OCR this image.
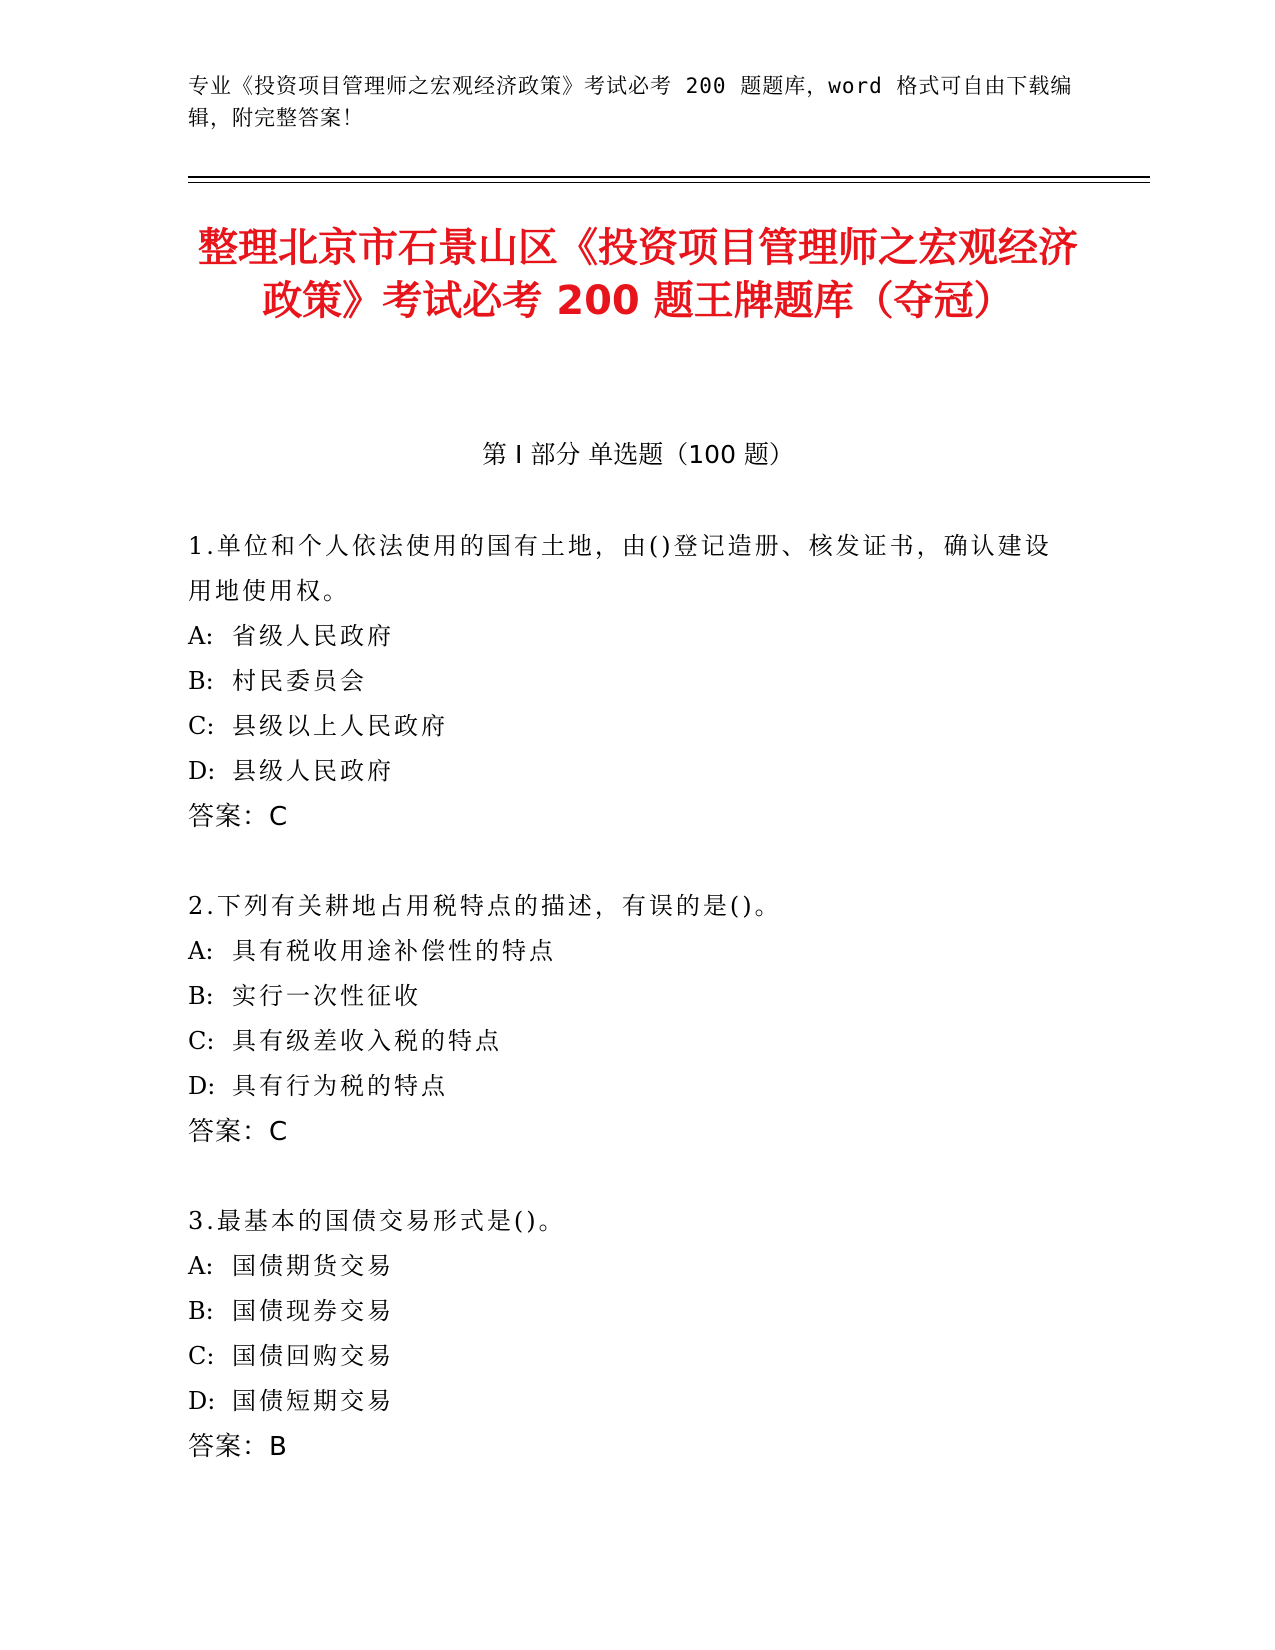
专业《投资项目管理师之宏观经济政策》考试必考 200 题题库，word 格式可自由下载编辑，附完整答案！
整理北京市石景山区《投资项目管理师之宏观经济政策》考试必考 200 题王牌题库（夺冠）
第 I 部分 单选题（100 题）
1.单位和个人依法使用的国有土地，由()登记造册、核发证书，确认建设用地使用权。
A: 省级人民政府
B: 村民委员会
C: 县级以上人民政府
D: 县级人民政府
答案：C
2.下列有关耕地占用税特点的描述，有误的是()。
A: 具有税收用途补偿性的特点
B: 实行一次性征收
C: 具有级差收入税的特点
D: 具有行为税的特点
答案：C
3.最基本的国债交易形式是()。
A: 国债期货交易
B: 国债现券交易
C: 国债回购交易
D: 国债短期交易
答案：B
